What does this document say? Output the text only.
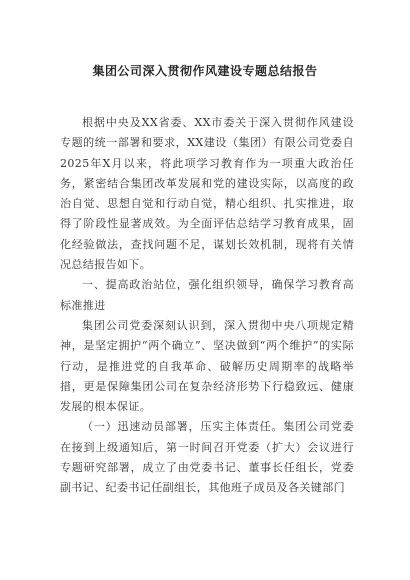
集团公司深入贯彻作风建设专题总结报告

根据中央及XX省委、XX市委关于深入贯彻作风建设专题的统一部署和要求，XX建设（集团）有限公司党委自2025年X月以来，将此项学习教育作为一项重大政治任务，紧密结合集团改革发展和党的建设实际，以高度的政治自觉、思想自觉和行动自觉，精心组织、扎实推进，取得了阶段性显著成效。为全面评估总结学习教育成果，固化经验做法，查找问题不足，谋划长效机制，现将有关情况总结报告如下。

一、提高政治站位，强化组织领导，确保学习教育高标准推进

集团公司党委深刻认识到，深入贯彻中央八项规定精神，是坚定拥护“两个确立”、坚决做到“两个维护”的实际行动，是推进党的自我革命、破解历史周期率的战略举措，更是保障集团公司在复杂经济形势下行稳致远、健康发展的根本保证。

（一）迅速动员部署，压实主体责任。集团公司党委在接到上级通知后，第一时间召开党委（扩大）会议进行专题研究部署，成立了由党委书记、董事长任组长，党委副书记、纪委书记任副组长，其他班子成员及各关键部门
